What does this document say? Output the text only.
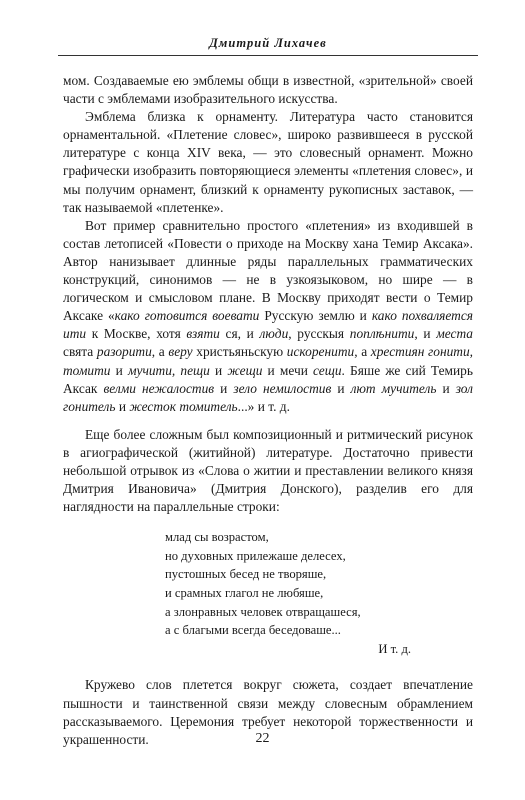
Дмитрий Лихачев

мом. Создаваемые ею эмблемы общи в известной, «зрительной» своей части с эмблемами изобразительного искусства.

Эмблема близка к орнаменту. Литература часто становится орнаментальной. «Плетение словес», широко развившееся в русской литературе с конца XIV века, — это словесный орнамент. Можно графически изобразить повторяющиеся элементы «плетения словес», и мы получим орнамент, близкий к орнаменту рукописных заставок, — так называемой «плетенке».

Вот пример сравнительно простого «плетения» из входившей в состав летописей «Повести о приходе на Москву хана Темир Аксака». Автор нанизывает длинные ряды параллельных грамматических конструкций, синонимов — не в узкоязыковом, но шире — в логическом и смысловом плане. В Москву приходят вести о Темир Аксаке «како готовится воевати Русскую землю и како похваляется ити к Москве, хотя взяти ся, и люди, русскыя поплѣнити, и места свята разорити, а веру христьяньскую искоренити, а хрестиян гонити, томити и мучити, пещи и жещи и мечи сещи. Бяше же сий Темирь Аксак велми нежалостив и зело немилостив и лют мучитель и зол гонитель и жесток томитель...» и т. д.

Еще более сложным был композиционный и ритмический рисунок в агиографической (житийной) литературе. Достаточно привести небольшой отрывок из «Слова о житии и преставлении великого князя Дмитрия Ивановича» (Дмитрия Донского), разделив его для наглядности на параллельные строки:

млад сы возрастом,
но духовных прилежаше делесех,
пустошных бесед не творяше,
и срамных глагол не любяше,
а злонравных человек отвращашеся,
а с благыми всегда беседоваше...
И т. д.

Кружево слов плетется вокруг сюжета, создает впечатление пышности и таинственной связи между словесным обрамлением рассказываемого. Церемония требует некоторой торжественности и украшенности.	22
